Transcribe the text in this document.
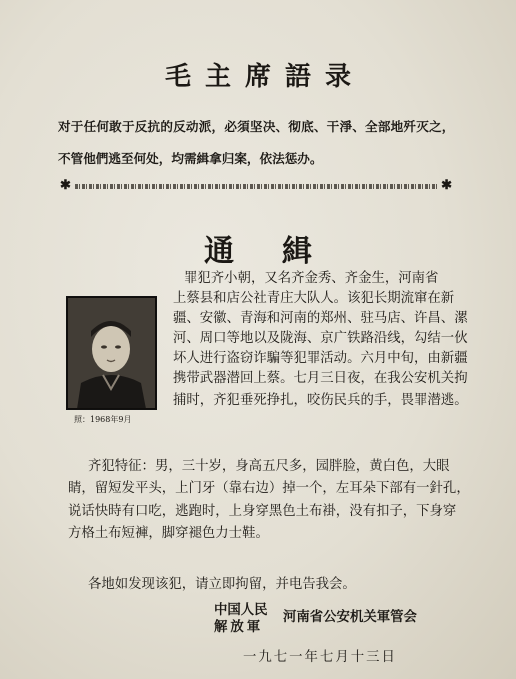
毛主席語录
对于任何敢于反抗的反动派，必須坚决、彻底、干淨、全部地歼灭之，
不管他們逃至何处，均需緝拿归案，依法惩办。
✱	✱
通緝
照：1968年9月
罪犯齐小朝，又名齐金秀、齐金生，河南省
上蔡县和店公社青庄大队人。该犯长期流窜在新
疆、安徽、青海和河南的郑州、驻马店、许昌、漯
河、周口等地以及陇海、京广铁路沿线，勾结一伙
坏人进行盗窃诈騙等犯罪活动。六月中旬，由新疆
携带武器潜回上蔡。七月三日夜，在我公安机关拘
捕时，齐犯垂死挣扎，咬伤民兵的手，畏罪潜逃。
齐犯特征：男，三十岁，身高五尺多，园胖脸，黄白色，大眼
睛，留短发平头，上门牙（靠右边）掉一个，左耳朵下部有一針孔，
说话快時有口吃，逃跑时，上身穿黑色土布褂，没有扣子，下身穿
方格土布短褲，脚穿褪色力士鞋。
各地如发现该犯，请立即拘留，并电告我会。
中国人民
解放軍
河南省公安机关軍管会
一九七一年七月十三日
